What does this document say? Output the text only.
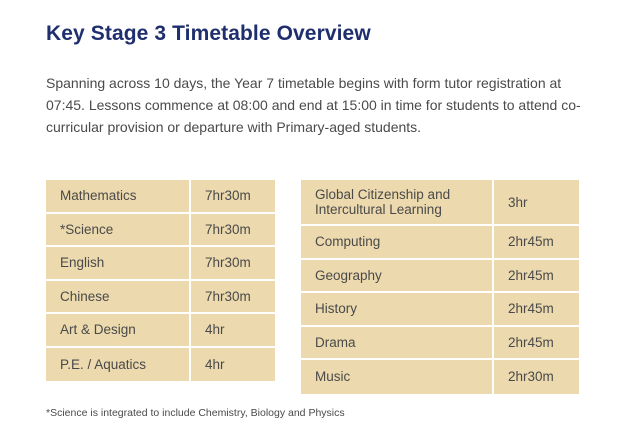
Key Stage 3 Timetable Overview

Spanning across 10 days, the Year 7 timetable begins with form tutor registration at 07:45. Lessons commence at 08:00 and end at 15:00 in time for students to attend co-curricular provision or departure with Primary-aged students.

Mathematics	7hr30m
*Science	7hr30m
English	7hr30m
Chinese	7hr30m
Art & Design	4hr
P.E. / Aquatics	4hr
Global Citizenship and Intercultural Learning	3hr
Computing	2hr45m
Geography	2hr45m
History	2hr45m
Drama	2hr45m
Music	2hr30m
*Science is integrated to include Chemistry, Biology and Physics
